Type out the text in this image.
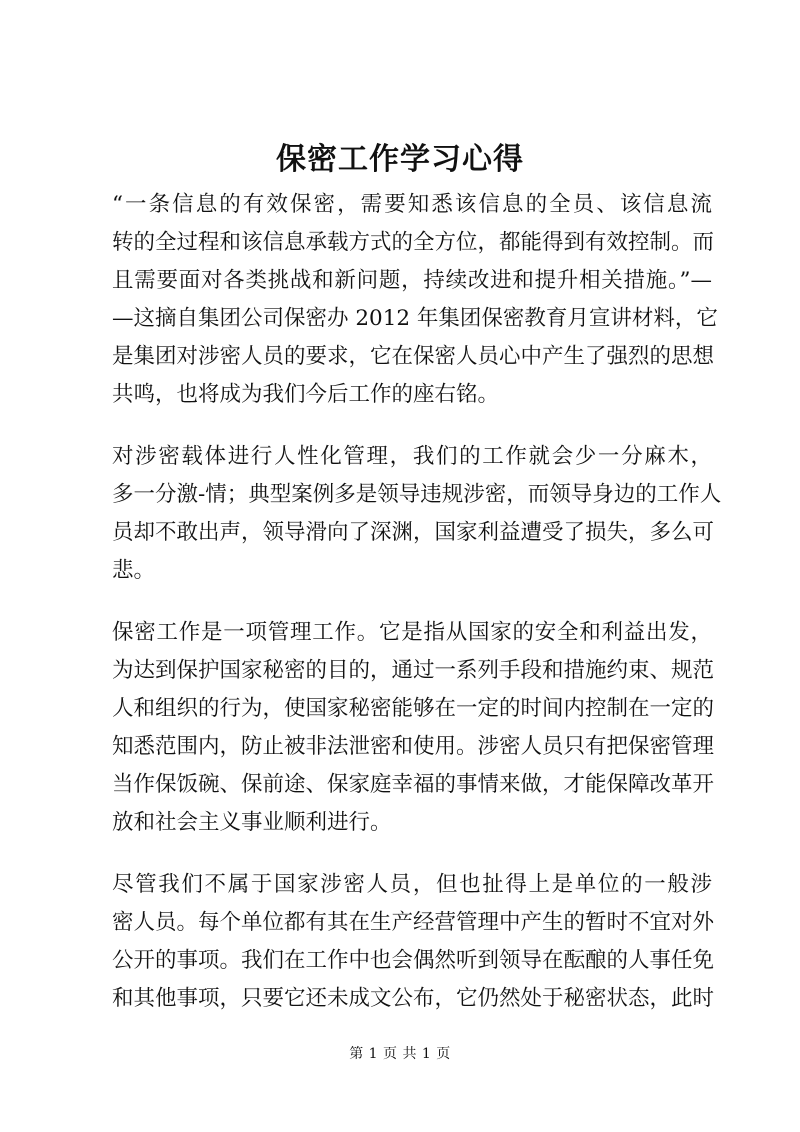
保密工作学习心得
“一条信息的有效保密，需要知悉该信息的全员、该信息流
转的全过程和该信息承载方式的全方位，都能得到有效控制。而
且需要面对各类挑战和新问题，持续改进和提升相关措施。”—
—这摘自集团公司保密办 2012 年集团保密教育月宣讲材料，它
是集团对涉密人员的要求，它在保密人员心中产生了强烈的思想
共鸣，也将成为我们今后工作的座右铭。
对涉密载体进行人性化管理，我们的工作就会少一分麻木，
多一分激-情；典型案例多是领导违规涉密，而领导身边的工作人
员却不敢出声，领导滑向了深渊，国家利益遭受了损失，多么可
悲。
保密工作是一项管理工作。它是指从国家的安全和利益出发，
为达到保护国家秘密的目的，通过一系列手段和措施约束、规范
人和组织的行为，使国家秘密能够在一定的时间内控制在一定的
知悉范围内，防止被非法泄密和使用。涉密人员只有把保密管理
当作保饭碗、保前途、保家庭幸福的事情来做，才能保障改革开
放和社会主义事业顺利进行。
尽管我们不属于国家涉密人员，但也扯得上是单位的一般涉
密人员。每个单位都有其在生产经营管理中产生的暂时不宜对外
公开的事项。我们在工作中也会偶然听到领导在酝酿的人事任免
和其他事项，只要它还未成文公布，它仍然处于秘密状态，此时
第 1 页 共 1 页
